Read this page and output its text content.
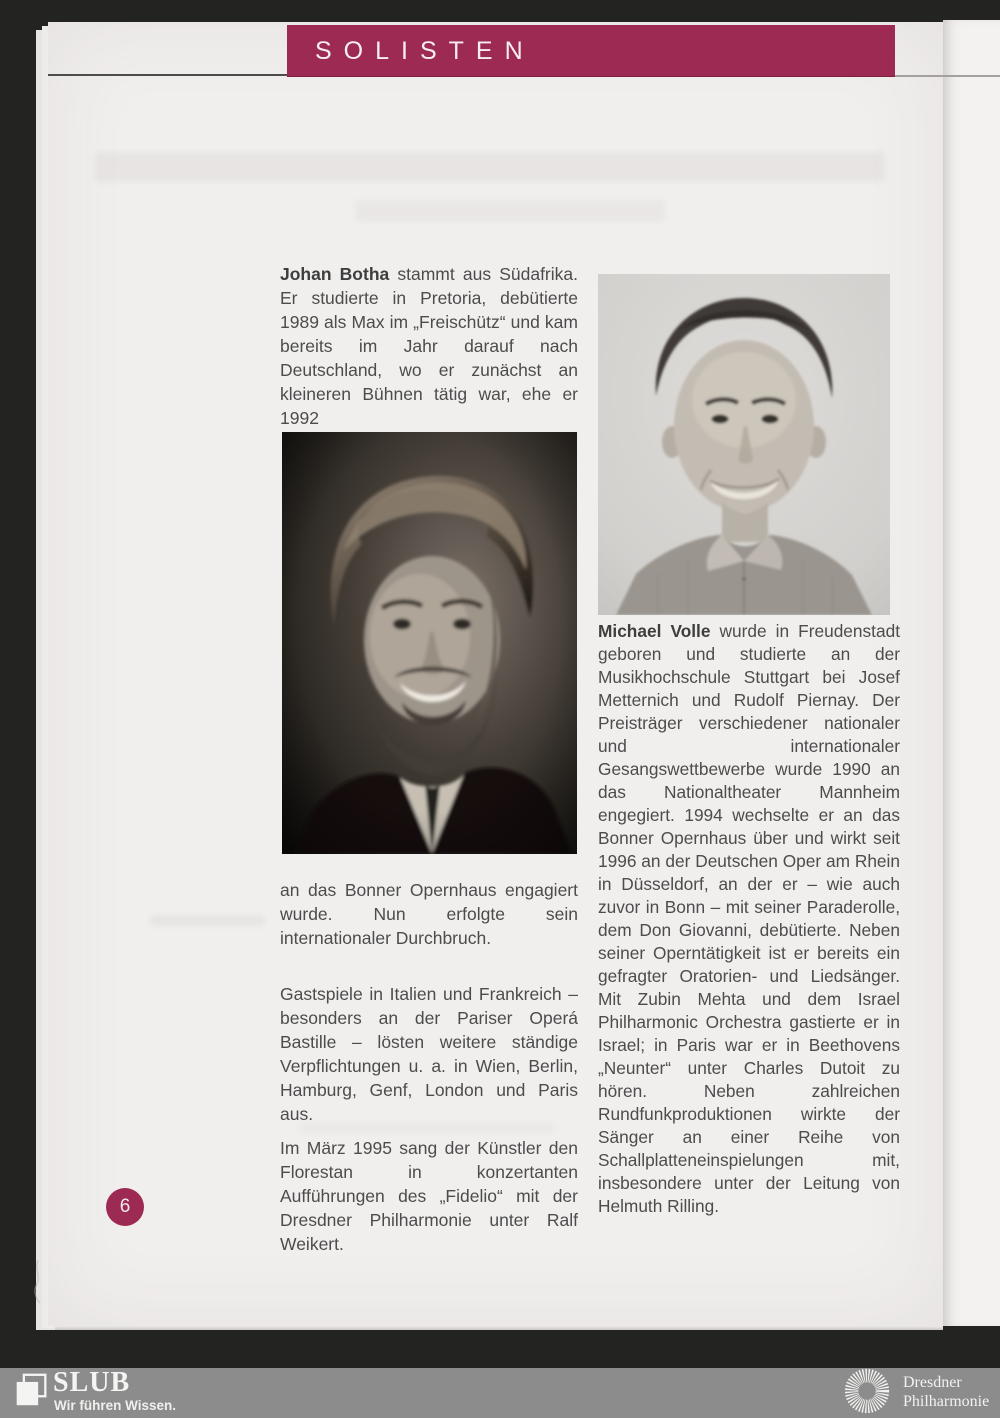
SOLISTEN

Johan Botha stammt aus Südafrika. Er studierte in Pretoria, debütierte 1989 als Max im „Freischütz“ und kam bereits im Jahr darauf nach Deutschland, wo er zunächst an kleineren Bühnen tätig war, ehe er 1992

an das Bonner Opernhaus engagiert wurde. Nun erfolgte sein internationaler Durchbruch.

Gastspiele in Italien und Frankreich – besonders an der Pariser Operá Bastille – lösten weitere ständige Verpflichtungen u. a. in Wien, Berlin, Hamburg, Genf, London und Paris aus.

Im März 1995 sang der Künstler den Florestan in konzertanten Aufführungen des „Fidelio“ mit der Dresdner Philharmonie unter Ralf Weikert.

Michael Volle wurde in Freudenstadt geboren und studierte an der Musikhochschule Stuttgart bei Josef Metternich und Rudolf Piernay. Der Preisträger verschiedener nationaler und internationaler Gesangswettbewerbe wurde 1990 an das Nationaltheater Mannheim engegiert. 1994 wechselte er an das Bonner Opernhaus über und wirkt seit 1996 an der Deutschen Oper am Rhein in Düsseldorf, an der er – wie auch zuvor in Bonn – mit seiner Paraderolle, dem Don Giovanni, debütierte. Neben seiner Operntätigkeit ist er bereits ein gefragter Oratorien- und Liedsänger. Mit Zubin Mehta und dem Israel Philharmonic Orchestra gastierte er in Israel; in Paris war er in Beethovens „Neunter“ unter Charles Dutoit zu hören. Neben zahlreichen Rundfunkproduktionen wirkte der Sänger an einer Reihe von Schallplatteneinspielungen mit, insbesondere unter der Leitung von Helmuth Rilling.

6
SLUB
Wir führen Wissen.
Dresdner
Philharmonie
